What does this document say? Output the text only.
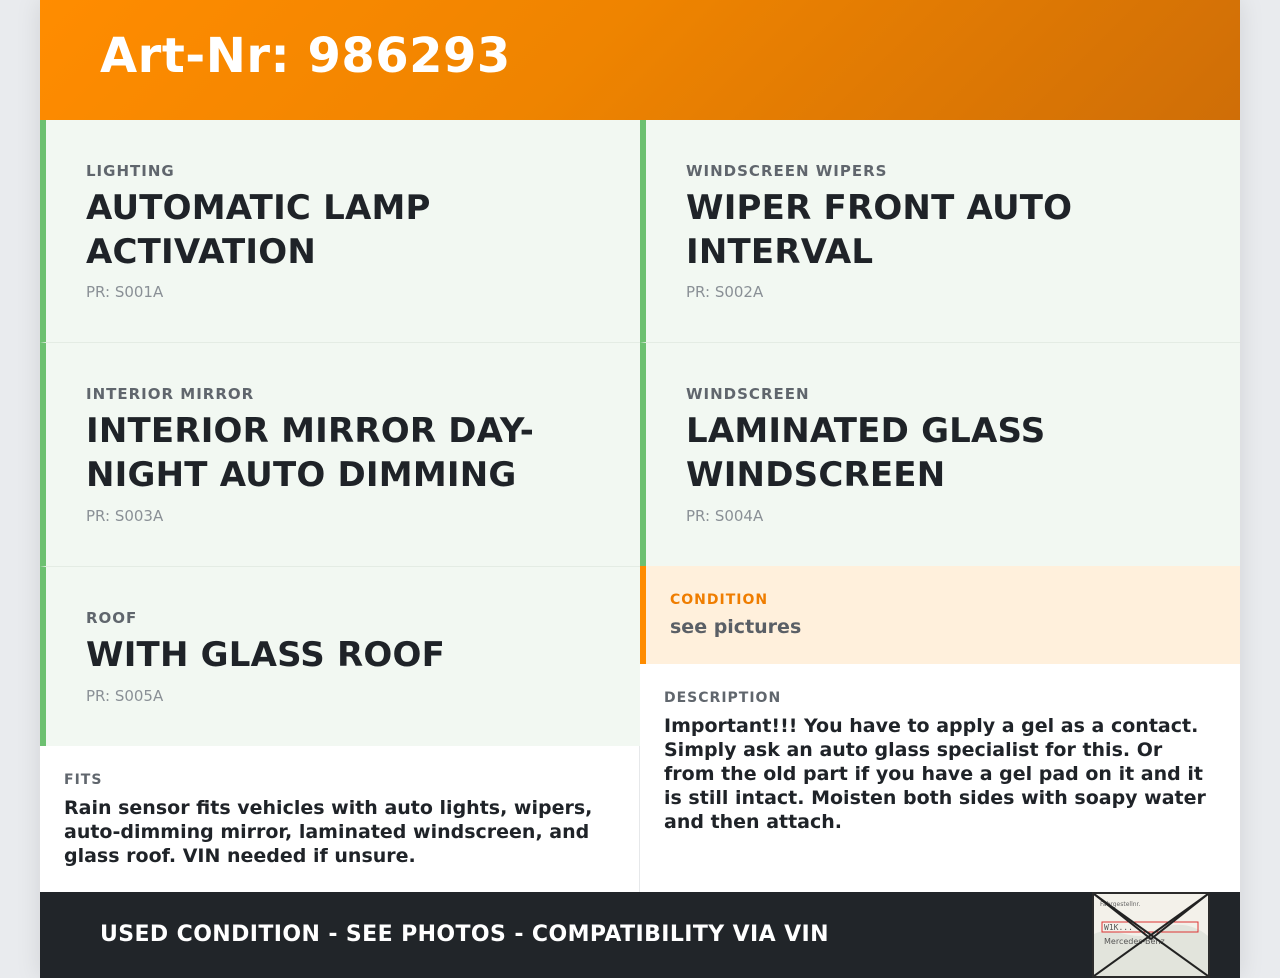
Art-Nr: 986293
LIGHTING
AUTOMATIC LAMP ACTIVATION
PR: S001A
WINDSCREEN WIPERS
WIPER FRONT AUTO INTERVAL
PR: S002A
INTERIOR MIRROR
INTERIOR MIRROR DAY-NIGHT AUTO DIMMING
PR: S003A
WINDSCREEN
LAMINATED GLASS WINDSCREEN
PR: S004A
ROOF
WITH GLASS ROOF
PR: S005A
CONDITION
see pictures
DESCRIPTION
Important!!! You have to apply a gel as a contact. Simply ask an auto glass specialist for this. Or from the old part if you have a gel pad on it and it is still intact. Moisten both sides with soapy water and then attach.
FITS
Rain sensor fits vehicles with auto lights, wipers, auto-dimming mirror, laminated windscreen, and glass roof. VIN needed if unsure.
USED CONDITION - SEE PHOTOS - COMPATIBILITY VIA VIN
Fahrgestellnr.
W1K...
Mercedes-Benz
